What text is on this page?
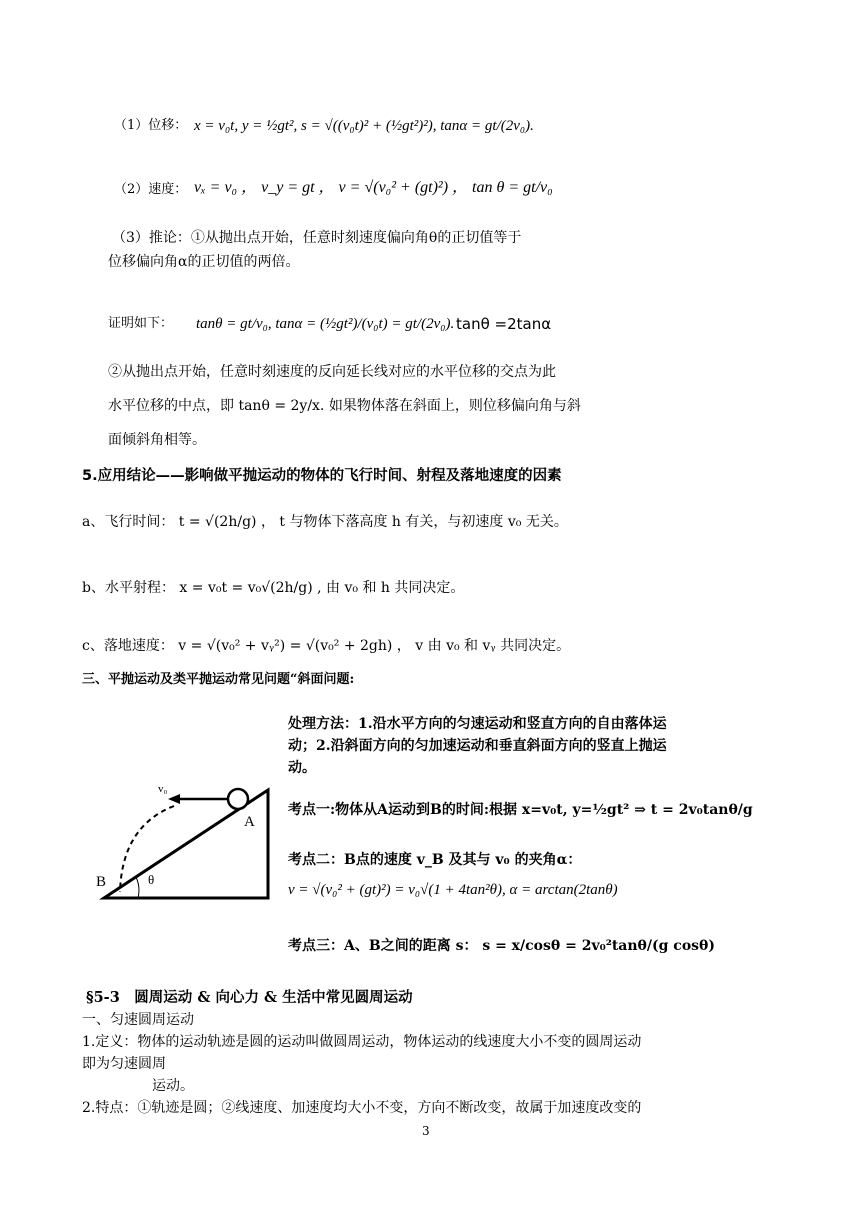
（1）位移： x = v₀t, y = ½gt², s = √((v₀t)² + (½gt²)²), tanα = gt/(2v₀).
（2）速度： vₓ = v₀ ， v_y = gt ， v = √(v₀² + (gt)²) ， tan θ = gt/v₀
（3）推论：①从抛出点开始，任意时刻速度偏向角θ的正切值等于
位移偏向角α的正切值的两倍。
证明如下： tanθ = gt/v₀, tanα = (½gt²)/(v₀t) = gt/(2v₀). tanθ =2tanα
②从抛出点开始，任意时刻速度的反向延长线对应的水平位移的交点为此
水平位移的中点，即 tanθ = 2y/x. 如果物体落在斜面上，则位移偏向角与斜
面倾斜角相等。
5.应用结论——影响做平抛运动的物体的飞行时间、射程及落地速度的因素
a、飞行时间： t = √(2h/g) ， t 与物体下落高度 h 有关，与初速度 v₀ 无关。
b、水平射程： x = v₀t = v₀√(2h/g) , 由 v₀ 和 h 共同决定。
c、落地速度： v = √(v₀² + vᵧ²) = √(v₀² + 2gh) ， v 由 v₀ 和 vᵧ 共同决定。
三、平抛运动及类平抛运动常见问题“斜面问题:
处理方法：1.沿水平方向的匀速运动和竖直方向的自由落体运
动；2.沿斜面方向的匀加速运动和垂直斜面方向的竖直上抛运
动。
考点一:物体从A运动到B的时间:根据 x=v₀t, y=½gt² ⇒ t = 2v₀tanθ/g
考点二：B点的速度 v_B 及其与 v₀ 的夹角α：
v = √(v₀² + (gt)²) = v₀√(1 + 4tan²θ), α = arctan(2tanθ)
考点三：A、B之间的距离 s： s = x/cosθ = 2v₀²tanθ/(g cosθ)
v₀
A
B	θ
§5-3　圆周运动 & 向心力 & 生活中常见圆周运动
一、匀速圆周运动
1.定义：物体的运动轨迹是圆的运动叫做圆周运动，物体运动的线速度大小不变的圆周运动
即为匀速圆周
运动。
2.特点：①轨迹是圆；②线速度、加速度均大小不变，方向不断改变，故属于加速度改变的
3
